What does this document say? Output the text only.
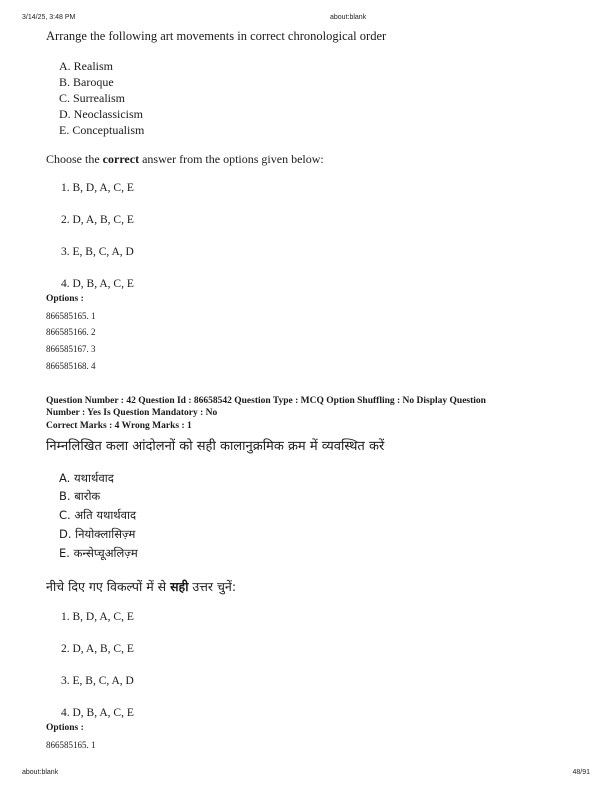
3/14/25, 3:48 PM	about:blank
Arrange the following art movements in correct chronological order
A. Realism
B. Baroque
C. Surrealism
D. Neoclassicism
E. Conceptualism
Choose the correct answer from the options given below:
1. B, D, A, C, E
2. D, A, B, C, E
3. E, B, C, A, D
4. D, B, A, C, E
Options :
866585165. 1
866585166. 2
866585167. 3
866585168. 4
Question Number : 42 Question Id : 86658542 Question Type : MCQ Option Shuffling : No Display Question
Number : Yes Is Question Mandatory : No
Correct Marks : 4 Wrong Marks : 1
निम्नलिखित कला आंदोलनों को सही कालानुक्रमिक क्रम में व्यवस्थित करें
A. यथार्थवाद
B. बारोक
C. अति यथार्थवाद
D. नियोक्लासिज़्म
E. कन्सेप्चूअलिज़्म
नीचे दिए गए विकल्पों में से सही उत्तर चुनें:
1. B, D, A, C, E
2. D, A, B, C, E
3. E, B, C, A, D
4. D, B, A, C, E
Options :
866585165. 1
about:blank	48/91
